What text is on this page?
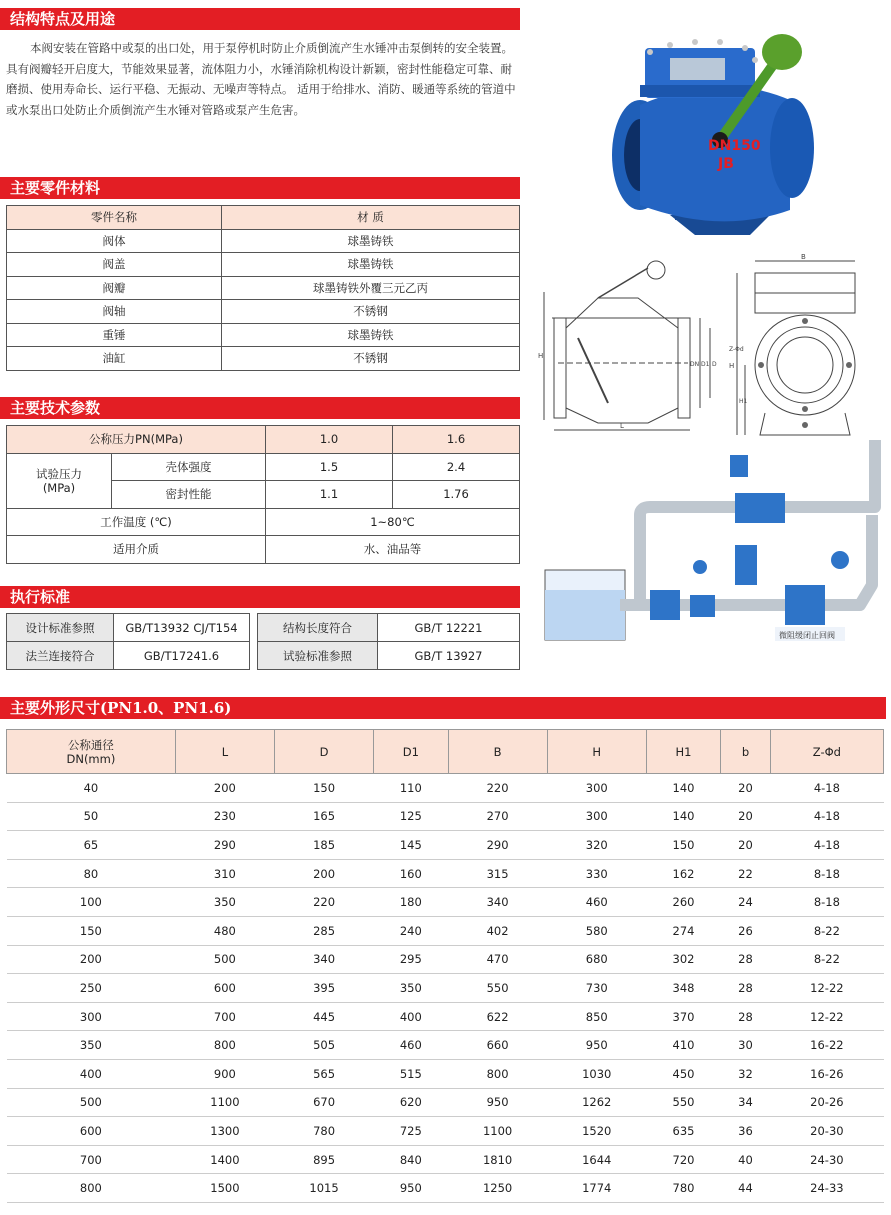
结构特点及用途
本阀安装在管路中或泵的出口处，用于泵停机时防止介质倒流产生水锤冲击泵倒转的安全装置。具有阀瓣轻开启度大，节能效果显著，流体阻力小，水锤消除机构设计新颖，密封性能稳定可靠、耐磨损、使用寿命长、运行平稳、无振动、无噪声等特点。 适用于给排水、消防、暖通等系统的管道中或水泵出口处防止介质倒流产生水锤对管路或泵产生危害。
主要零件材料
零件名称	材 质
阀体	球墨铸铁
阀盖	球墨铸铁
阀瓣	球墨铸铁外覆三元乙丙
阀轴	不锈钢
重锤	球墨铸铁
油缸	不锈钢
主要技术参数
公称压力PN(MPa)		1.0	1.6
试验压力
(MPa)	壳体强度	1.5	2.4
	密封性能	1.1	1.76
工作温度 (℃)		1~80℃	
适用介质		水、油品等	
执行标准
设计标准参照	GB/T13932 CJ/T154		结构长度符合	GB/T 12221
法兰连接符合	GB/T17241.6		试验标准参照	GB/T 13927
主要外形尺寸(PN1.0、PN1.6)
公称通径
DN(mm)	L	D	D1	B	H	H1	b	Z-Φd
40	200	150	110	220	300	140	20	4-18
50	230	165	125	270	300	140	20	4-18
65	290	185	145	290	320	150	20	4-18
80	310	200	160	315	330	162	22	8-18
100	350	220	180	340	460	260	24	8-18
150	480	285	240	402	580	274	26	8-22
200	500	340	295	470	680	302	28	8-22
250	600	395	350	550	730	348	28	12-22
300	700	445	400	622	850	370	28	12-22
350	800	505	460	660	950	410	30	16-22
400	900	565	515	800	1030	450	32	16-26
500	1100	670	620	950	1262	550	34	20-26
600	1300	780	725	1100	1520	635	36	20-30
700	1400	895	840	1810	1644	720	40	24-30
800	1500	1015	950	1250	1774	780	44	24-33
DN150
JB
H
L
DN D1 D
B
Z-Φd
H
H1
微阻缓闭止回阀
